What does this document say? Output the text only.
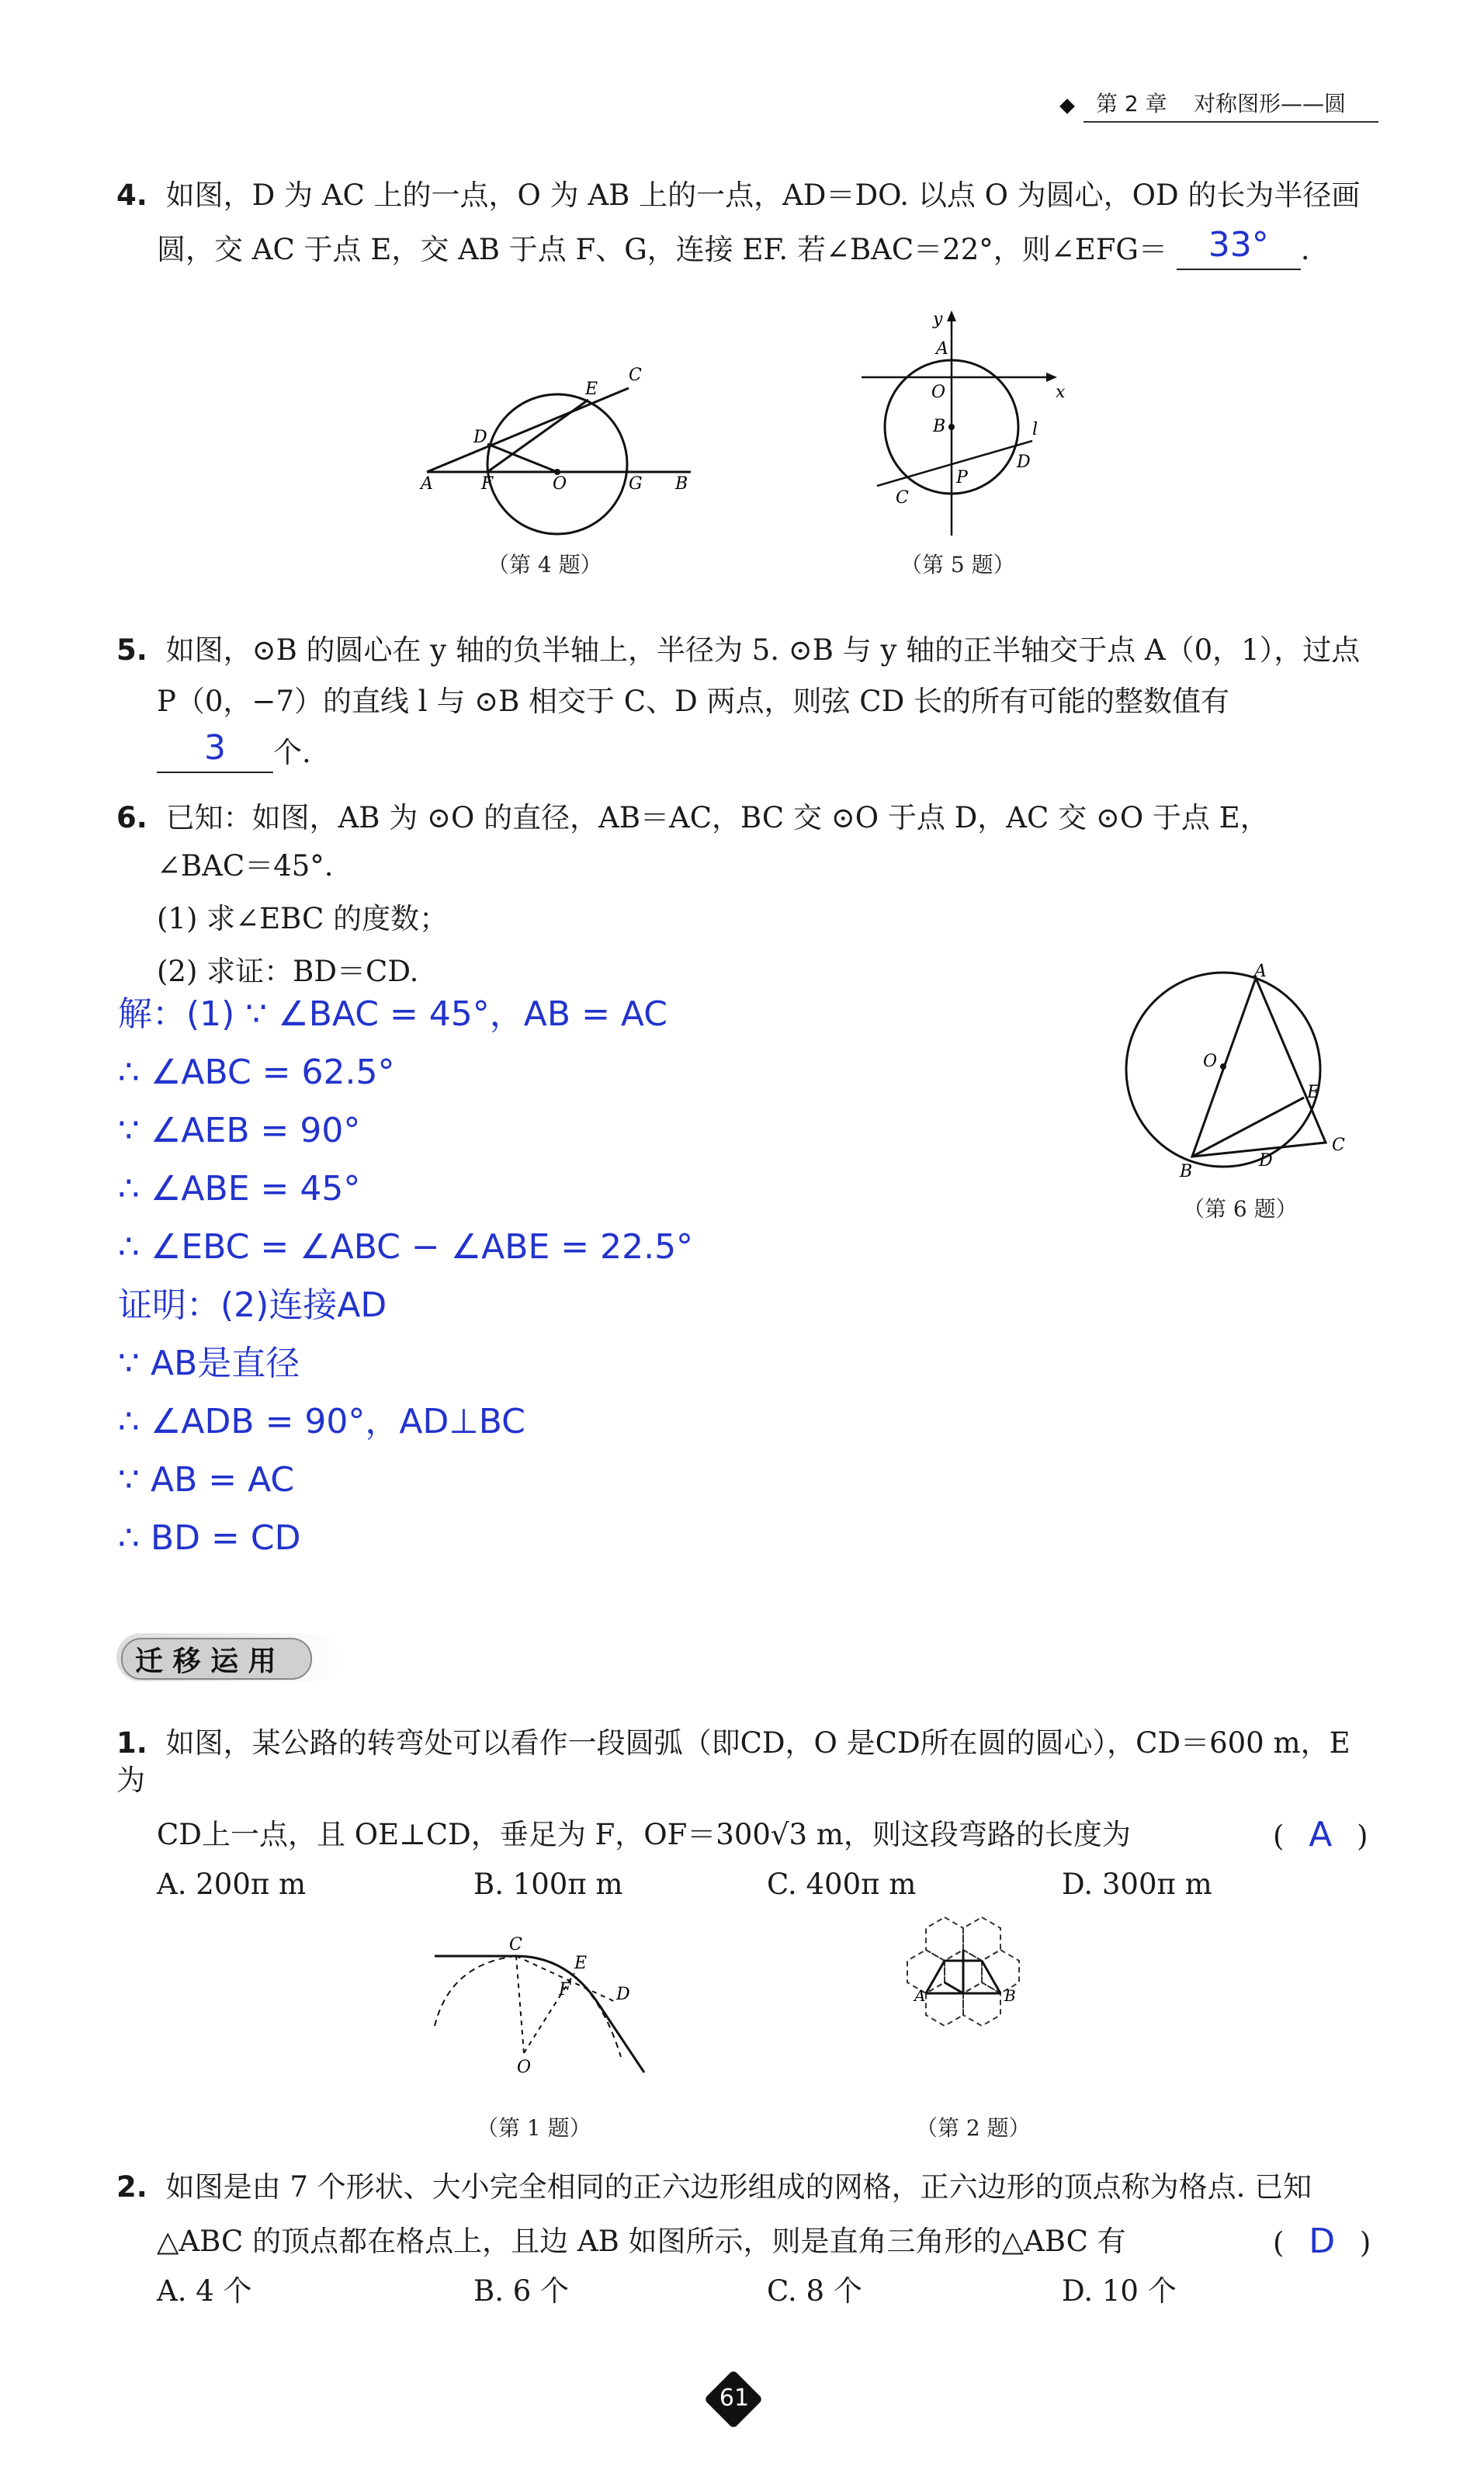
第 2 章 对称图形——圆
4. 如图，D 为 AC 上的一点，O 为 AB 上的一点，AD＝DO. 以点 O 为圆心，OD 的长为半径画
圆，交 AC 于点 E，交 AB 于点 F、G，连接 EF. 若∠BAC＝22°，则∠EFG＝	33°	.
A	F	O	G B
D
E
C
（第 4 题）
y
x
A
O
B	l
D
P
C
（第 5 题）
5. 如图，⊙B 的圆心在 y 轴的负半轴上，半径为 5. ⊙B 与 y 轴的正半轴交于点 A（0，1），过点
P（0，−7）的直线 l 与 ⊙B 相交于 C、D 两点，则弦 CD 长的所有可能的整数值有

3	个.
6. 已知：如图，AB 为 ⊙O 的直径，AB＝AC，BC 交 ⊙O 于点 D，AC 交 ⊙O 于点 E，
∠BAC＝45°.
(1) 求∠EBC 的度数；
(2) 求证：BD＝CD.
解：(1) ∵ ∠BAC = 45°，AB = AC
∴ ∠ABC = 62.5°
∵ ∠AEB = 90°
∴ ∠ABE = 45°
∴ ∠EBC = ∠ABC − ∠ABE = 22.5°
证明：(2)连接AD
∵ AB是直径
∴ ∠ADB = 90°，AD⊥BC
∵ AB = AC
∴ BD = CD
A
O
E
B
D
C
（第 6 题）
迁 移 运 用
1. 如图，某公路的转弯处可以看作一段圆弧（即CD，O 是CD所在圆的圆心），CD＝600 m，E 为
CD上一点，且 OE⊥CD，垂足为 F，OF＝300√3 m，则这段弯路的长度为	( A )
A. 200π m	B. 100π m	C. 400π m	D. 300π m
C
E
F	D
O
（第 1 题）
A	B
（第 2 题）
2. 如图是由 7 个形状、大小完全相同的正六边形组成的网格，正六边形的顶点称为格点. 已知
△ABC 的顶点都在格点上，且边 AB 如图所示，则是直角三角形的△ABC 有	( D )
A. 4 个	B. 6 个	C. 8 个	D. 10 个
61
